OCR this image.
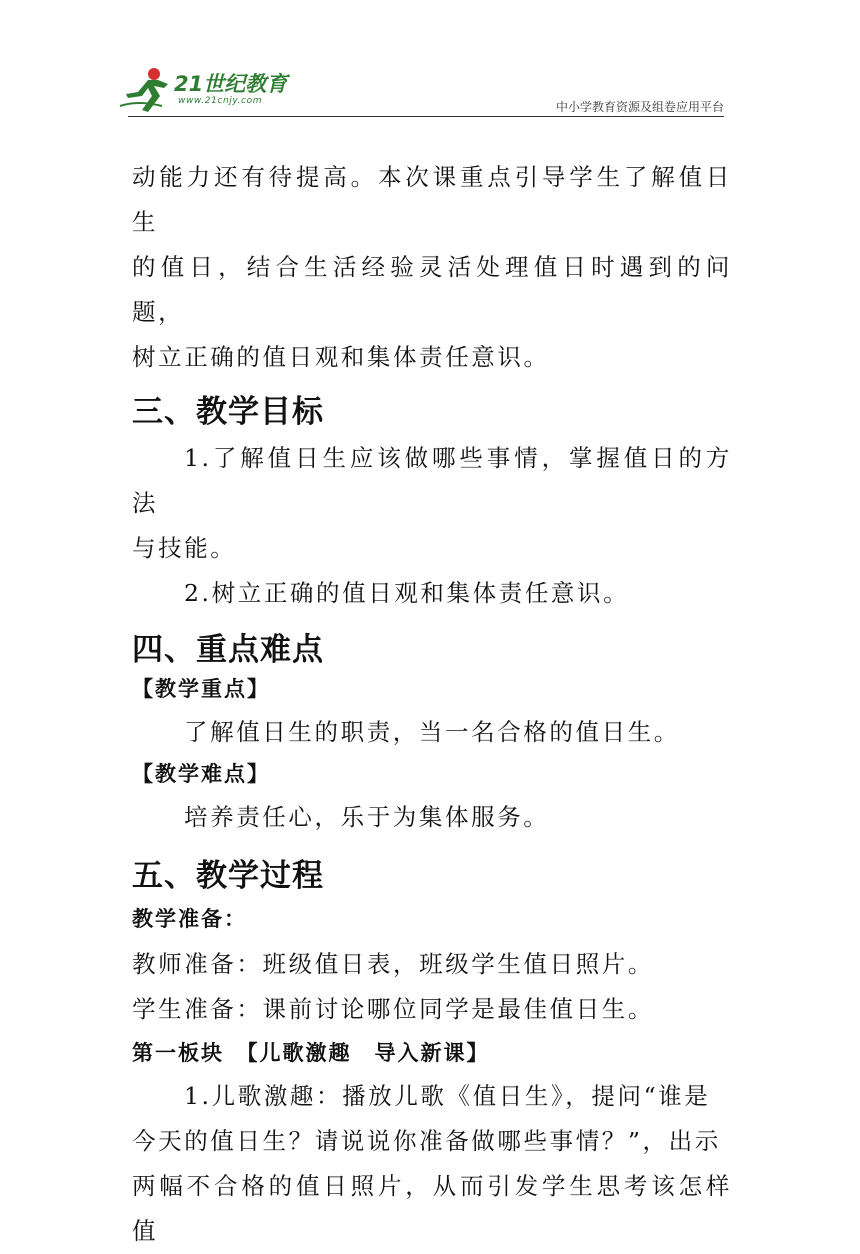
21世纪教育
www.21cnjy.com	中小学教育资源及组卷应用平台

动能力还有待提高。本次课重点引导学生了解值日生

的值日，结合生活经验灵活处理值日时遇到的问题，

树立正确的值日观和集体责任意识。

三、教学目标

1.了解值日生应该做哪些事情，掌握值日的方法

与技能。

2.树立正确的值日观和集体责任意识。

四、重点难点

【教学重点】

了解值日生的职责，当一名合格的值日生。

【教学难点】

培养责任心，乐于为集体服务。

五、教学过程

教学准备：

教师准备：班级值日表，班级学生值日照片。

学生准备：课前讨论哪位同学是最佳值日生。

第一板块　【儿歌激趣　导入新课】

1.儿歌激趣：播放儿歌《值日生》，提问“谁是

今天的值日生？请说说你准备做哪些事情？”，出示

两幅不合格的值日照片，从而引发学生思考该怎样值
